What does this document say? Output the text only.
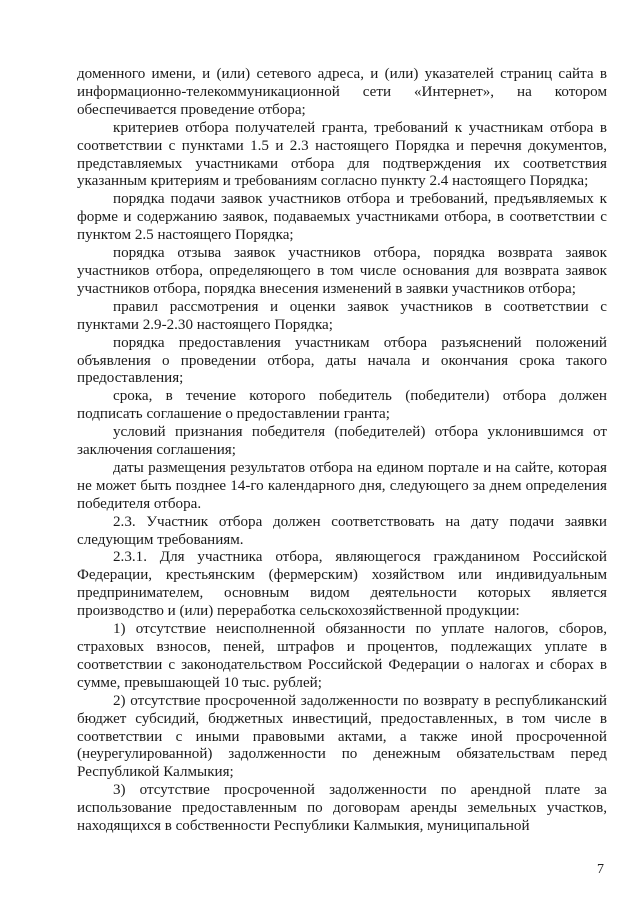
доменного имени, и (или) сетевого адреса, и (или) указателей страниц сайта в информационно-телекоммуникационной сети «Интернет», на котором обеспечивается проведение отбора;

критериев отбора получателей гранта, требований к участникам отбора в соответствии с пунктами 1.5 и 2.3 настоящего Порядка и перечня документов, представляемых участниками отбора для подтверждения их соответствия указанным критериям и требованиям согласно пункту 2.4 настоящего Порядка;

порядка подачи заявок участников отбора и требований, предъявляемых к форме и содержанию заявок, подаваемых участниками отбора, в соответствии с пунктом 2.5 настоящего Порядка;

порядка отзыва заявок участников отбора, порядка возврата заявок участников отбора, определяющего в том числе основания для возврата заявок участников отбора, порядка внесения изменений в заявки участников отбора;

правил рассмотрения и оценки заявок участников в соответствии с пунктами 2.9-2.30 настоящего Порядка;

порядка предоставления участникам отбора разъяснений положений объявления о проведении отбора, даты начала и окончания срока такого предоставления;

срока, в течение которого победитель (победители) отбора должен подписать соглашение о предоставлении гранта;

условий признания победителя (победителей) отбора уклонившимся от заключения соглашения;

даты размещения результатов отбора на едином портале и на сайте, которая не может быть позднее 14-го календарного дня, следующего за днем определения победителя отбора.

2.3. Участник отбора должен соответствовать на дату подачи заявки следующим требованиям.

2.3.1. Для участника отбора, являющегося гражданином Российской Федерации, крестьянским (фермерским) хозяйством или индивидуальным предпринимателем, основным видом деятельности которых является производство и (или) переработка сельскохозяйственной продукции:

1) отсутствие неисполненной обязанности по уплате налогов, сборов, страховых взносов, пеней, штрафов и процентов, подлежащих уплате в соответствии с законодательством Российской Федерации о налогах и сборах в сумме, превышающей 10 тыс. рублей;

2) отсутствие просроченной задолженности по возврату в республиканский бюджет субсидий, бюджетных инвестиций, предоставленных, в том числе в соответствии с иными правовыми актами, а также иной просроченной (неурегулированной) задолженности по денежным обязательствам перед Республикой Калмыкия;

3) отсутствие просроченной задолженности по арендной плате за использование предоставленным по договорам аренды земельных участков, находящихся в собственности Республики Калмыкия, муниципальной

7
